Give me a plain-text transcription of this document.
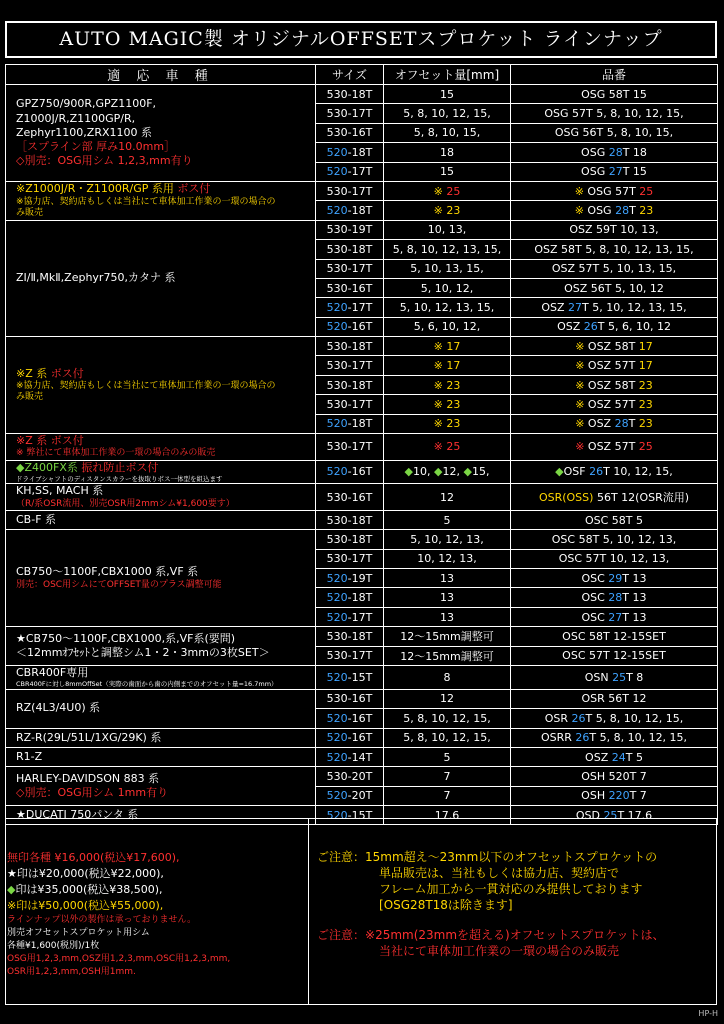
AUTO MAGIC製 オリジナルOFFSETスプロケット ラインナップ
適 応 車 種	サイズ	オフセット量[mm]	品番

GPZ750/900R,GPZ1100F,
Z1000J/R,Z1100GP/R,
Zephyr1100,ZRX1100 系
［スプライン部 厚み10.0mm］
◇別売：OSG用シム 1,2,3,mm有り	530-18T	15	OSG 58T 15
	530-17T	5, 8, 10, 12, 15,	OSG 57T 5, 8, 10, 12, 15,
	530-16T	5, 8, 10, 15,	OSG 56T 5, 8, 10, 15,
	520-18T	18	OSG 28T 18
	520-17T	15	OSG 27T 15

※Z1000J/R・Z1100R/GP 系用 ボス付
※協力店、契約店もしくは当社にて車体加工作業の一環の場合の
み販売	530-17T	※ 25	※ OSG 57T 25
	520-18T	※ 23	※ OSG 28T 23

ZⅠ/Ⅱ,MkⅡ,Zephyr750,カタナ 系	530-19T	10, 13,	OSZ 59T 10, 13,
	530-18T	5, 8, 10, 12, 13, 15,	OSZ 58T 5, 8, 10, 12, 13, 15,
	530-17T	5, 10, 13, 15,	OSZ 57T 5, 10, 13, 15,
	530-16T	5, 10, 12,	OSZ 56T 5, 10, 12
	520-17T	5, 10, 12, 13, 15,	OSZ 27T 5, 10, 12, 13, 15,
	520-16T	5, 6, 10, 12,	OSZ 26T 5, 6, 10, 12

※Z 系 ボス付
※協力店、契約店もしくは当社にて車体加工作業の一環の場合の
み販売	530-18T	※ 17	※ OSZ 58T 17
	530-17T	※ 17	※ OSZ 57T 17
	530-18T	※ 23	※ OSZ 58T 23
	530-17T	※ 23	※ OSZ 57T 23
	520-18T	※ 23	※ OSZ 28T 23

※Z 系 ボス付
※ 弊社にて車体加工作業の一環の場合のみの販売	530-17T	※ 25	※ OSZ 57T 25

◆Z400FX系 振れ防止ボス付
ドライブシャフトのディスタンスカラーを抜取りボス一体型を組込ます	520-16T	◆10, ◆12, ◆15,	◆OSF 26T 10, 12, 15,

KH,SS, MACH 系
（R/系OSR流用、別売OSR用2mmシム¥1,600要す）	530-16T	12	OSR(OSS) 56T 12(OSR流用)

CB-F 系	530-18T	5	OSC 58T 5

CB750～1100F,CBX1000 系,VF 系
別売：OSC用シムにてOFFSET量のプラス調整可能	530-18T	5, 10, 12, 13,	OSC 58T 5, 10, 12, 13,
	530-17T	10, 12, 13,	OSC 57T 10, 12, 13,
	520-19T	13	OSC 29T 13
	520-18T	13	OSC 28T 13
	520-17T	13	OSC 27T 13

★CB750～1100F,CBX1000,系,VF系(要問)
＜12mmｵﾌｾｯﾄと調整シム1・2・3mmの3枚SET＞	530-18T	12～15mm調整可	OSC 58T 12-15SET
	530-17T	12～15mm調整可	OSC 57T 12-15SET

CBR400F専用
CBR400Fに対し8mmOffSet（実際の歯面から歯の内側までのオフセット量=16.7mm）	520-15T	8	OSN 25T 8

RZ(4L3/4U0) 系	530-16T	12	OSR 56T 12
	520-16T	5, 8, 10, 12, 15,	OSR 26T 5, 8, 10, 12, 15,

RZ-R(29L/51L/1XG/29K) 系	520-16T	5, 8, 10, 12, 15,	OSRR 26T 5, 8, 10, 12, 15,

R1-Z	520-14T	5	OSZ 24T 5

HARLEY-DAVIDSON 883 系
◇別売：OSG用シム 1mm有り	530-20T	7	OSH 520T 7
	520-20T	7	OSH 220T 7

★DUCATI 750パンタ 系	520-15T	17.6	OSD 25T 17.6
無印各種 ¥16,000(税込¥17,600),
★印は¥20,000(税込¥22,000),
◆印は¥35,000(税込¥38,500),
※印は¥50,000(税込¥55,000),
ラインナップ以外の製作は承っておりません。
別売オフセットスプロケット用シム
各種¥1,600(税別)/1枚
OSG用1,2,3,mm,OSZ用1,2,3,mm,OSC用1,2,3,mm,
OSR用1,2,3,mm,OSH用1mm.
ご注意： 15mm超え～23mm以下のオフセットスプロケットの
単品販売は、当社もしくは協力店、契約店で
フレーム加工から一貫対応のみ提供しております
[OSG28T18は除きます]
ご注意： ※25mm(23mmを超える)オフセットスプロケットは、
当社にて車体加工作業の一環の場合のみ販売
HP-H
